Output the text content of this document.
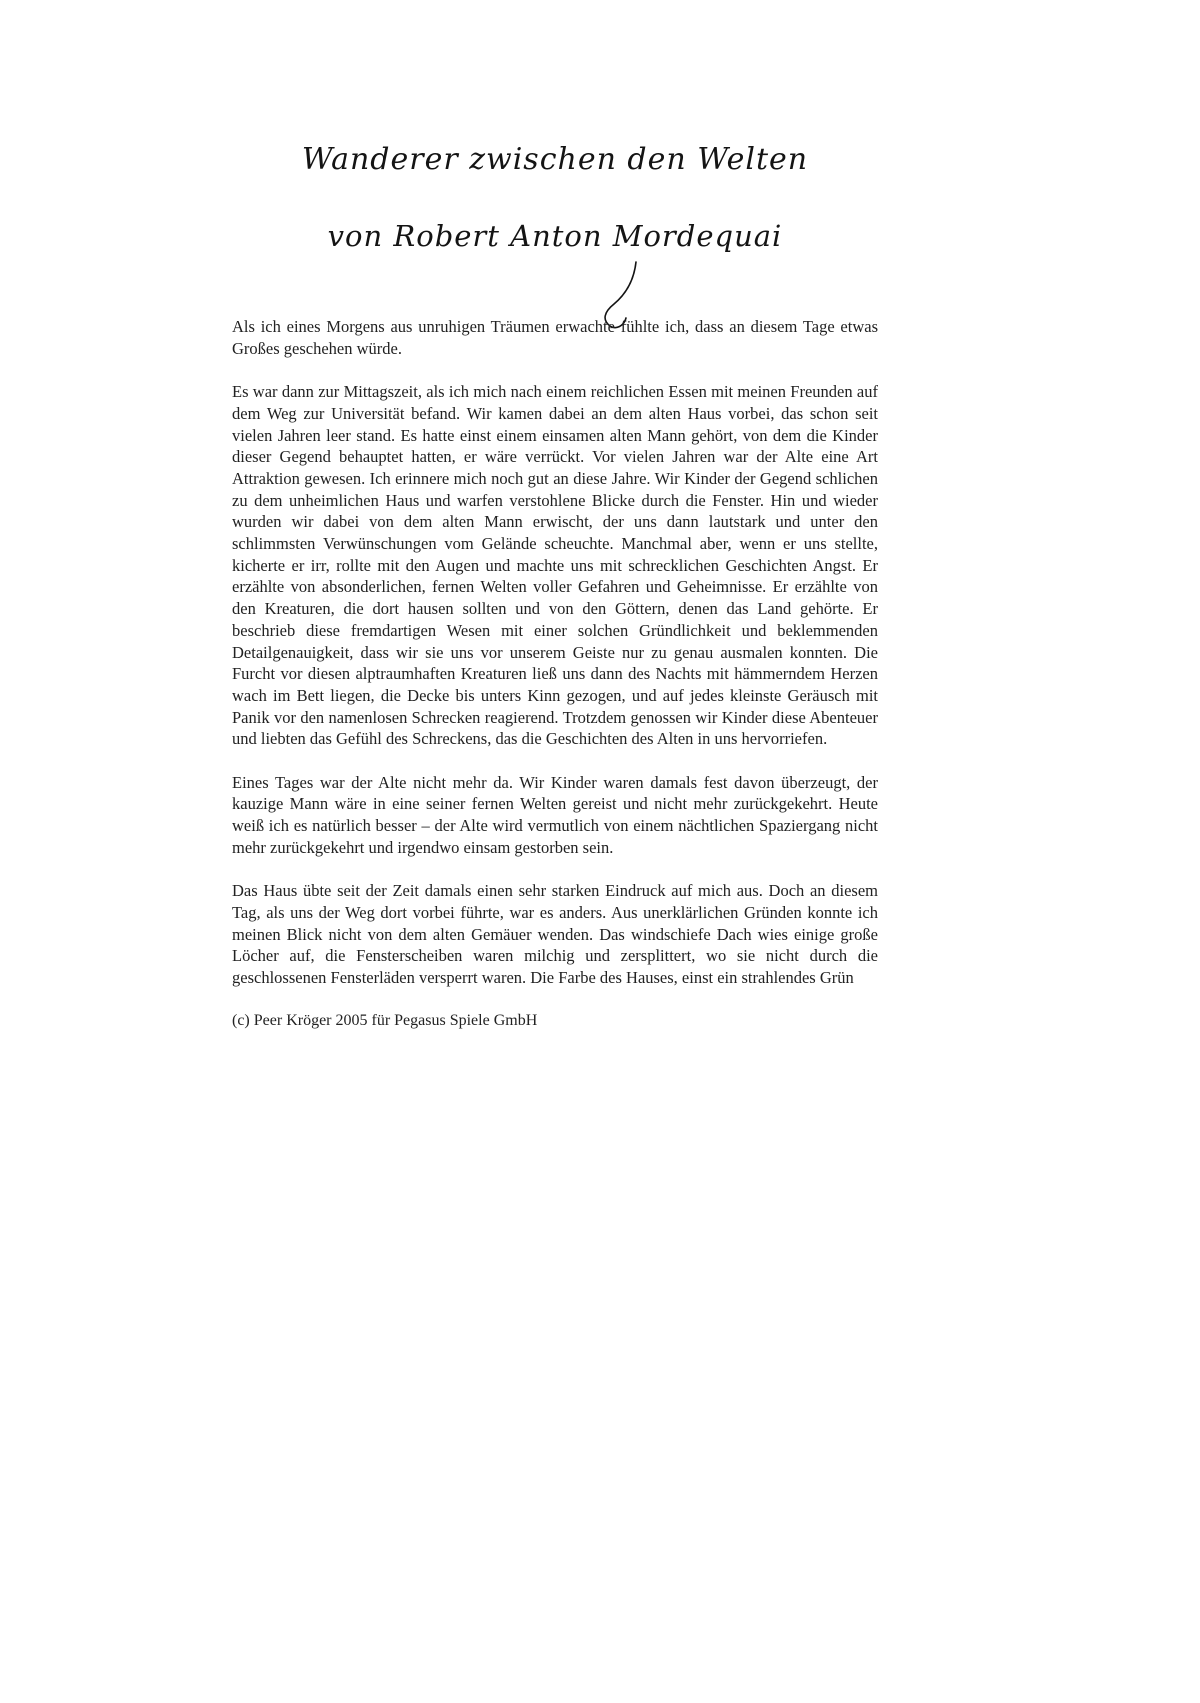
Wanderer zwischen den Welten
von Robert Anton Mordequai

Als ich eines Morgens aus unruhigen Träumen erwachte fühlte ich, dass an diesem Tage etwas Großes geschehen würde.

Es war dann zur Mittagszeit, als ich mich nach einem reichlichen Essen mit meinen Freunden auf dem Weg zur Universität befand. Wir kamen dabei an dem alten Haus vorbei, das schon seit vielen Jahren leer stand. Es hatte einst einem einsamen alten Mann gehört, von dem die Kinder dieser Gegend behauptet hatten, er wäre verrückt. Vor vielen Jahren war der Alte eine Art Attraktion gewesen. Ich erinnere mich noch gut an diese Jahre. Wir Kinder der Gegend schlichen zu dem unheimlichen Haus und warfen verstohlene Blicke durch die Fenster. Hin und wieder wurden wir dabei von dem alten Mann erwischt, der uns dann lautstark und unter den schlimmsten Verwünschungen vom Gelände scheuchte. Manchmal aber, wenn er uns stellte, kicherte er irr, rollte mit den Augen und machte uns mit schrecklichen Geschichten Angst. Er erzählte von absonderlichen, fernen Welten voller Gefahren und Geheimnisse. Er erzählte von den Kreaturen, die dort hausen sollten und von den Göttern, denen das Land gehörte. Er beschrieb diese fremdartigen Wesen mit einer solchen Gründlichkeit und beklemmenden Detailgenauigkeit, dass wir sie uns vor unserem Geiste nur zu genau ausmalen konnten. Die Furcht vor diesen alptraumhaften Kreaturen ließ uns dann des Nachts mit hämmerndem Herzen wach im Bett liegen, die Decke bis unters Kinn gezogen, und auf jedes kleinste Geräusch mit Panik vor den namenlosen Schrecken reagierend. Trotzdem genossen wir Kinder diese Abenteuer und liebten das Gefühl des Schreckens, das die Geschichten des Alten in uns hervorriefen.

Eines Tages war der Alte nicht mehr da. Wir Kinder waren damals fest davon überzeugt, der kauzige Mann wäre in eine seiner fernen Welten gereist und nicht mehr zurückgekehrt. Heute weiß ich es natürlich besser – der Alte wird vermutlich von einem nächtlichen Spaziergang nicht mehr zurückgekehrt und irgendwo einsam gestorben sein.

Das Haus übte seit der Zeit damals einen sehr starken Eindruck auf mich aus. Doch an diesem Tag, als uns der Weg dort vorbei führte, war es anders. Aus unerklärlichen Gründen konnte ich meinen Blick nicht von dem alten Gemäuer wenden. Das windschiefe Dach wies einige große Löcher auf, die Fensterscheiben waren milchig und zersplittert, wo sie nicht durch die geschlossenen Fensterläden versperrt waren. Die Farbe des Hauses, einst ein strahlendes Grün

(c) Peer Kröger 2005 für Pegasus Spiele GmbH
